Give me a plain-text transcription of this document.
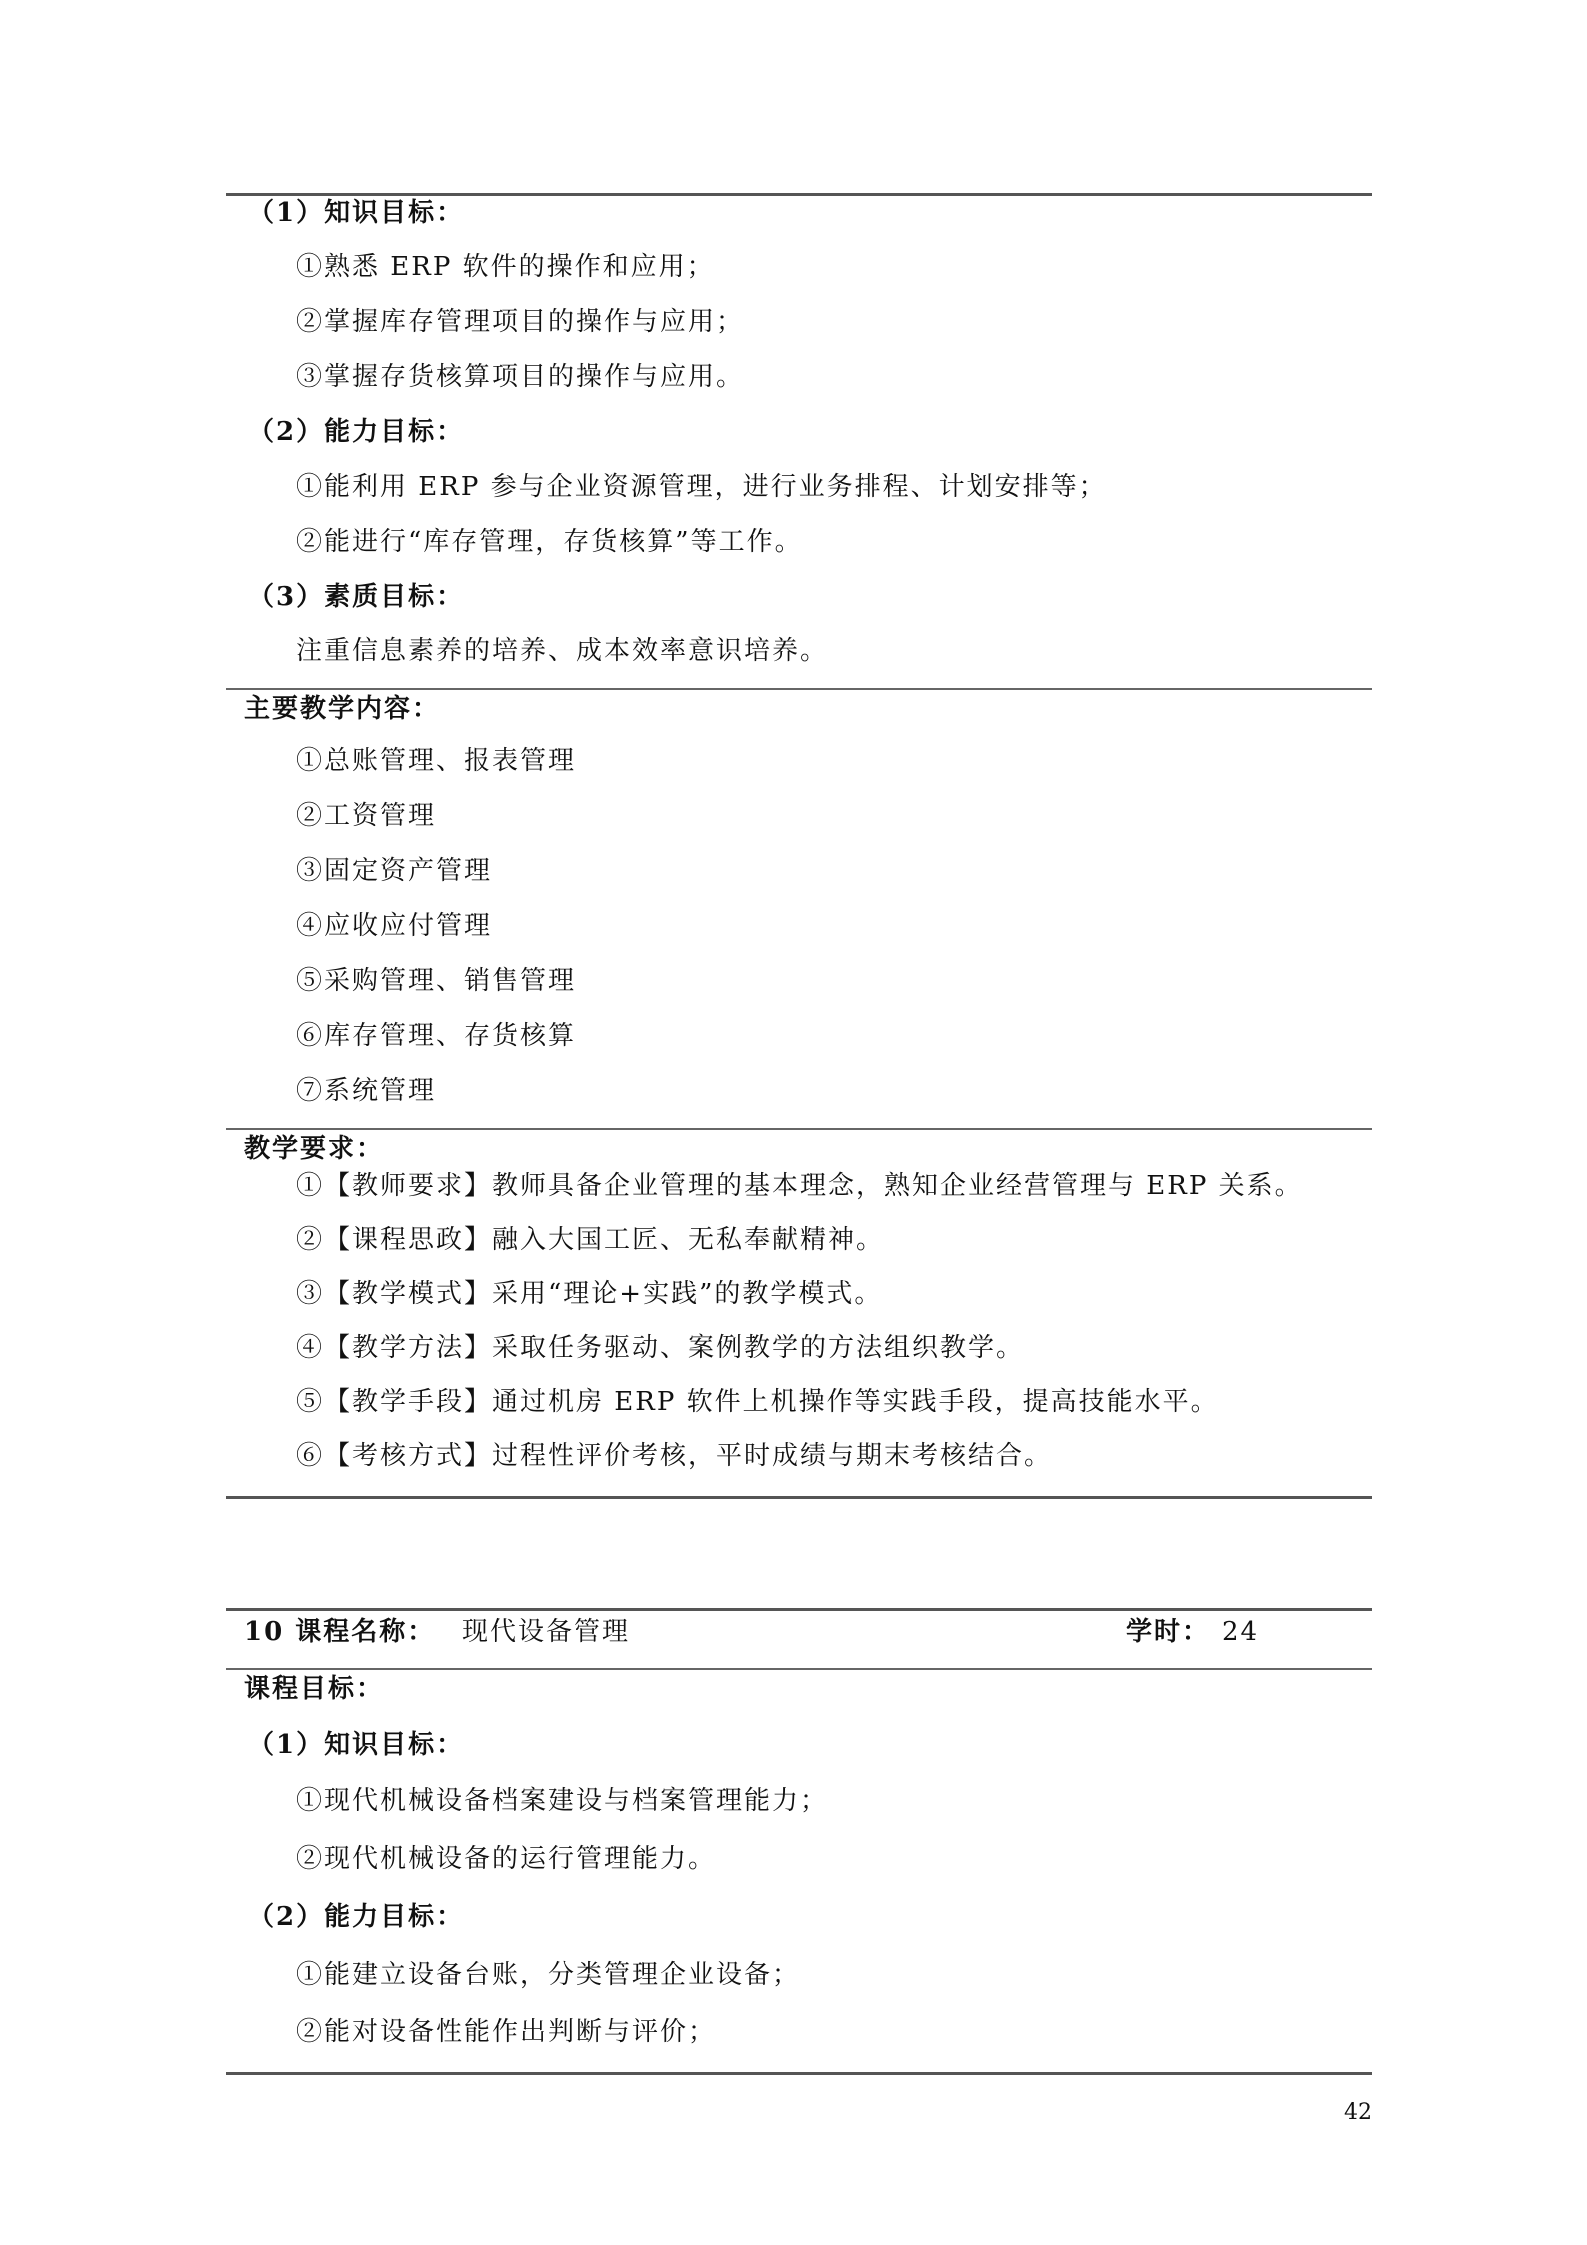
（1）知识目标：
①熟悉 ERP 软件的操作和应用；
②掌握库存管理项目的操作与应用；
③掌握存货核算项目的操作与应用。
（2）能力目标：
①能利用 ERP 参与企业资源管理，进行业务排程、计划安排等；
②能进行“库存管理，存货核算”等工作。
（3）素质目标：
注重信息素养的培养、成本效率意识培养。
主要教学内容：
①总账管理、报表管理
②工资管理
③固定资产管理
④应收应付管理
⑤采购管理、销售管理
⑥库存管理、存货核算
⑦系统管理
教学要求：
①【教师要求】教师具备企业管理的基本理念，熟知企业经营管理与 ERP 关系。
②【课程思政】融入大国工匠、无私奉献精神。
③【教学模式】采用“理论+实践”的教学模式。
④【教学方法】采取任务驱动、案例教学的方法组织教学。
⑤【教学手段】通过机房 ERP 软件上机操作等实践手段，提高技能水平。
⑥【考核方式】过程性评价考核，平时成绩与期末考核结合。
10 课程名称： 现代设备管理	学时： 24
课程目标：
（1）知识目标：
①现代机械设备档案建设与档案管理能力；
②现代机械设备的运行管理能力。
（2）能力目标：
①能建立设备台账，分类管理企业设备；
②能对设备性能作出判断与评价；
42
